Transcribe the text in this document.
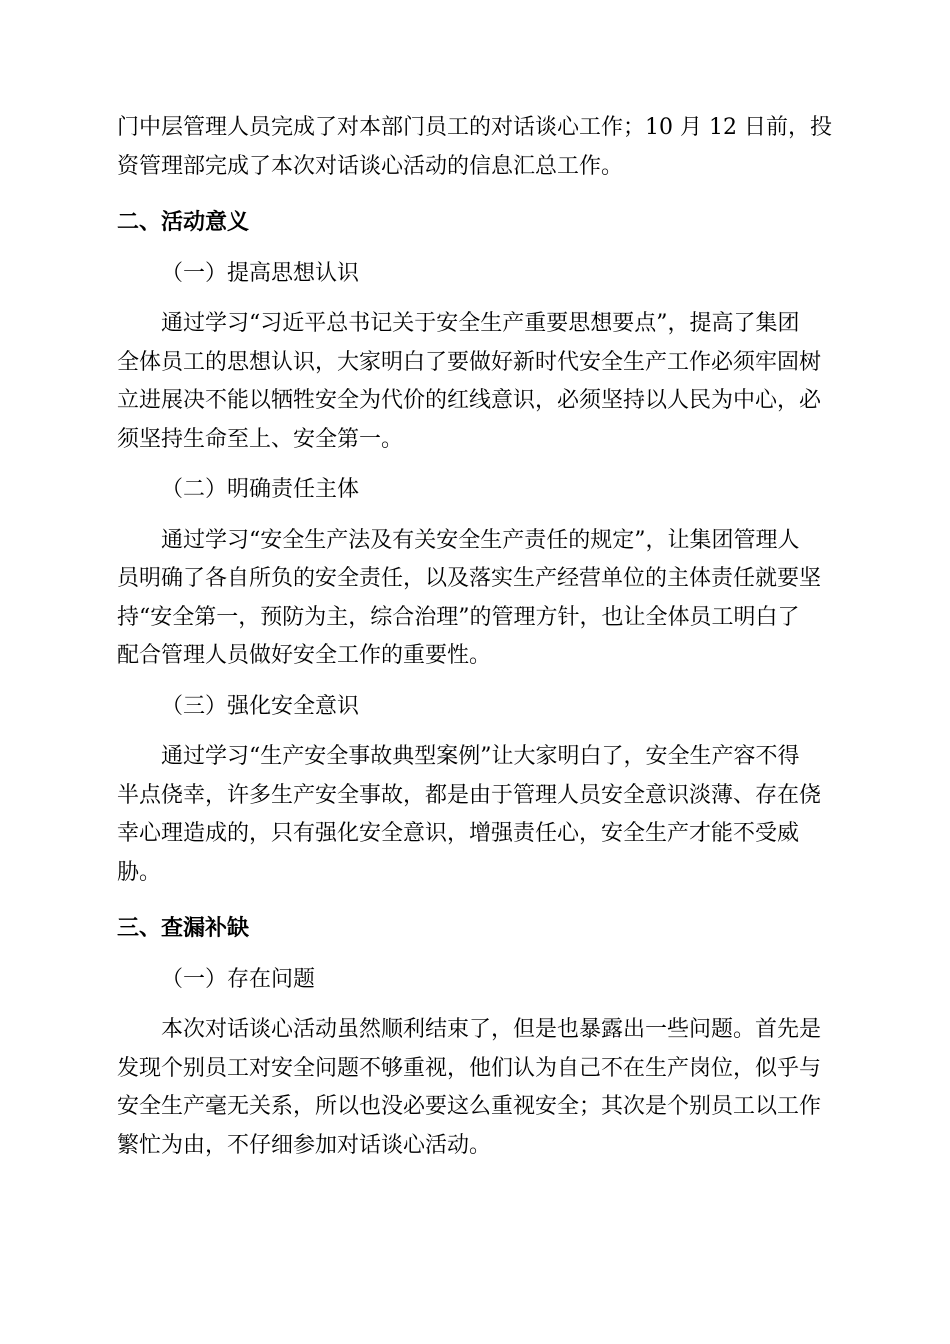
门中层管理人员完成了对本部门员工的对话谈心工作；10 月 12 日前，投
资管理部完成了本次对话谈心活动的信息汇总工作。
二、活动意义
（一）提高思想认识
通过学习“习近平总书记关于安全生产重要思想要点”，提高了集团
全体员工的思想认识，大家明白了要做好新时代安全生产工作必须牢固树
立进展决不能以牺牲安全为代价的红线意识，必须坚持以人民为中心，必
须坚持生命至上、安全第一。
（二）明确责任主体
通过学习“安全生产法及有关安全生产责任的规定”，让集团管理人
员明确了各自所负的安全责任，以及落实生产经营单位的主体责任就要坚
持“安全第一，预防为主，综合治理”的管理方针，也让全体员工明白了
配合管理人员做好安全工作的重要性。
（三）强化安全意识
通过学习“生产安全事故典型案例”让大家明白了，安全生产容不得
半点侥幸，许多生产安全事故，都是由于管理人员安全意识淡薄、存在侥
幸心理造成的，只有强化安全意识，增强责任心，安全生产才能不受威
胁。
三、查漏补缺
（一）存在问题
本次对话谈心活动虽然顺利结束了，但是也暴露出一些问题。首先是
发现个别员工对安全问题不够重视，他们认为自己不在生产岗位，似乎与
安全生产毫无关系，所以也没必要这么重视安全；其次是个别员工以工作
繁忙为由，不仔细参加对话谈心活动。
